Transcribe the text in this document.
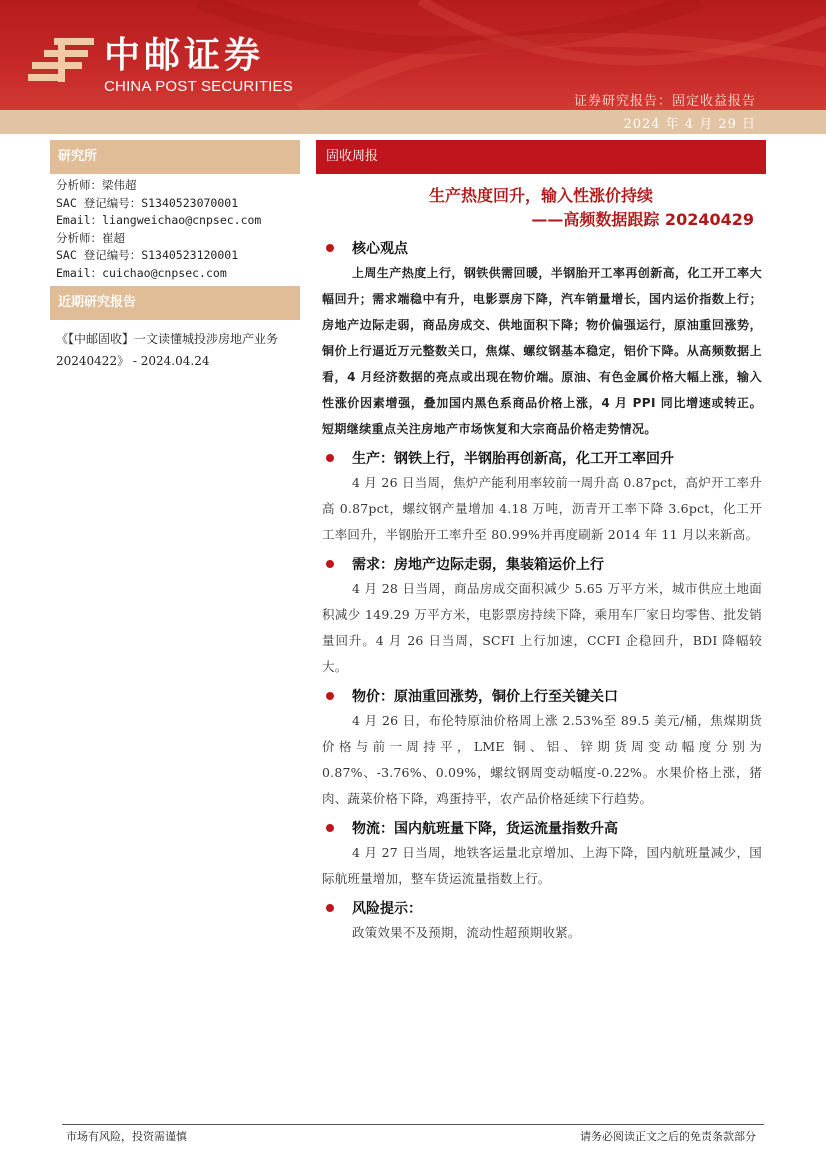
中邮证券
CHINA POST SECURITIES
证券研究报告：固定收益报告
2024 年 4 月 29 日
研究所
分析师：梁伟超
SAC 登记编号：S1340523070001
Email：liangweichao@cnpsec.com
分析师：崔超
SAC 登记编号：S1340523120001
Email：cuichao@cnpsec.com
近期研究报告
《【中邮固收】一文读懂城投涉房地产业务 20240422》 - 2024.04.24
固收周报
生产热度回升，输入性涨价持续
——高频数据跟踪 20240429
核心观点
上周生产热度上行，钢铁供需回暖，半钢胎开工率再创新高，化工开工率大幅回升；需求端稳中有升，电影票房下降，汽车销量增长，国内运价指数上行；房地产边际走弱，商品房成交、供地面积下降；物价偏强运行，原油重回涨势，铜价上行逼近万元整数关口，焦煤、螺纹钢基本稳定，铝价下降。从高频数据上看，4 月经济数据的亮点或出现在物价端。原油、有色金属价格大幅上涨，输入性涨价因素增强，叠加国内黑色系商品价格上涨，4 月 PPI 同比增速或转正。短期继续重点关注房地产市场恢复和大宗商品价格走势情况。
生产：钢铁上行，半钢胎再创新高，化工开工率回升
4 月 26 日当周，焦炉产能利用率较前一周升高 0.87pct，高炉开工率升高 0.87pct，螺纹钢产量增加 4.18 万吨，沥青开工率下降 3.6pct，化工开工率回升，半钢胎开工率升至 80.99%并再度刷新 2014 年 11 月以来新高。
需求：房地产边际走弱，集装箱运价上行
4 月 28 日当周，商品房成交面积减少 5.65 万平方米，城市供应土地面积减少 149.29 万平方米，电影票房持续下降，乘用车厂家日均零售、批发销量回升。4 月 26 日当周，SCFI 上行加速，CCFI 企稳回升，BDI 降幅较大。
物价：原油重回涨势，铜价上行至关键关口
4 月 26 日，布伦特原油价格周上涨 2.53%至 89.5 美元/桶，焦煤期货价格与前一周持平，LME 铜、铝、锌期货周变动幅度分别为 0.87%、-3.76%、0.09%，螺纹钢周变动幅度-0.22%。水果价格上涨，猪肉、蔬菜价格下降，鸡蛋持平，农产品价格延续下行趋势。
物流：国内航班量下降，货运流量指数升高
4 月 27 日当周，地铁客运量北京增加、上海下降，国内航班量减少，国际航班量增加，整车货运流量指数上行。
风险提示：
政策效果不及预期，流动性超预期收紧。
市场有风险，投资需谨慎	请务必阅读正文之后的免责条款部分
